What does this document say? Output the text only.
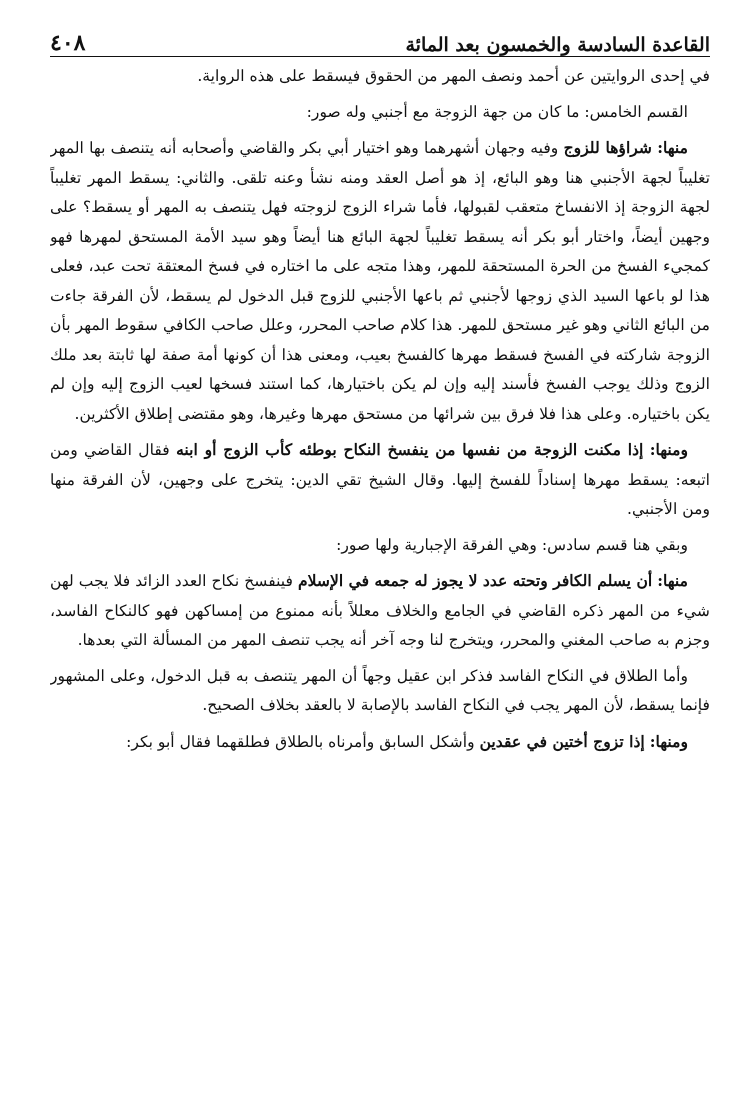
القاعدة السادسة والخمسون بعد المائة
٤٠٨

في إحدى الروايتين عن أحمد ونصف المهر من الحقوق فيسقط على هذه الرواية.

القسم الخامس: ما كان من جهة الزوجة مع أجنبي وله صور:

منها: شراؤها للزوج وفيه وجهان أشهرهما وهو اختيار أبي بكر والقاضي وأصحابه أنه يتنصف بها المهر تغليباً لجهة الأجنبي هنا وهو البائع، إذ هو أصل العقد ومنه نشأ وعنه تلقى. والثاني: يسقط المهر تغليباً لجهة الزوجة إذ الانفساخ متعقب لقبولها، فأما شراء الزوج لزوجته فهل يتنصف به المهر أو يسقط؟ على وجهين أيضاً، واختار أبو بكر أنه يسقط تغليباً لجهة البائع هنا أيضاً وهو سيد الأمة المستحق لمهرها فهو كمجيء الفسخ من الحرة المستحقة للمهر، وهذا متجه على ما اختاره في فسخ المعتقة تحت عبد، فعلى هذا لو باعها السيد الذي زوجها لأجنبي ثم باعها الأجنبي للزوج قبل الدخول لم يسقط، لأن الفرقة جاءت من البائع الثاني وهو غير مستحق للمهر. هذا كلام صاحب المحرر، وعلل صاحب الكافي سقوط المهر بأن الزوجة شاركته في الفسخ فسقط مهرها كالفسخ بعيب، ومعنى هذا أن كونها أمة صفة لها ثابتة بعد ملك الزوج وذلك يوجب الفسخ فأسند إليه وإن لم يكن باختيارها، كما استند فسخها لعيب الزوج إليه وإن لم يكن باختياره. وعلى هذا فلا فرق بين شرائها من مستحق مهرها وغيرها، وهو مقتضى إطلاق الأكثرين.

ومنها: إذا مكنت الزوجة من نفسها من ينفسخ النكاح بوطئه كأب الزوج أو ابنه فقال القاضي ومن اتبعه: يسقط مهرها إسناداً للفسخ إليها. وقال الشيخ تقي الدين: يتخرج على وجهين، لأن الفرقة منها ومن الأجنبي.

وبقي هنا قسم سادس: وهي الفرقة الإجبارية ولها صور:

منها: أن يسلم الكافر وتحته عدد لا يجوز له جمعه في الإسلام فينفسخ نكاح العدد الزائد فلا يجب لهن شيء من المهر ذكره القاضي في الجامع والخلاف معللاً بأنه ممنوع من إمساكهن فهو كالنكاح الفاسد، وجزم به صاحب المغني والمحرر، ويتخرج لنا وجه آخر أنه يجب تنصف المهر من المسألة التي بعدها.

وأما الطلاق في النكاح الفاسد فذكر ابن عقيل وجهاً أن المهر يتنصف به قبل الدخول، وعلى المشهور فإنما يسقط، لأن المهر يجب في النكاح الفاسد بالإصابة لا بالعقد بخلاف الصحيح.

ومنها: إذا تزوج أختين في عقدين وأشكل السابق وأمرناه بالطلاق فطلقهما فقال أبو بكر:
